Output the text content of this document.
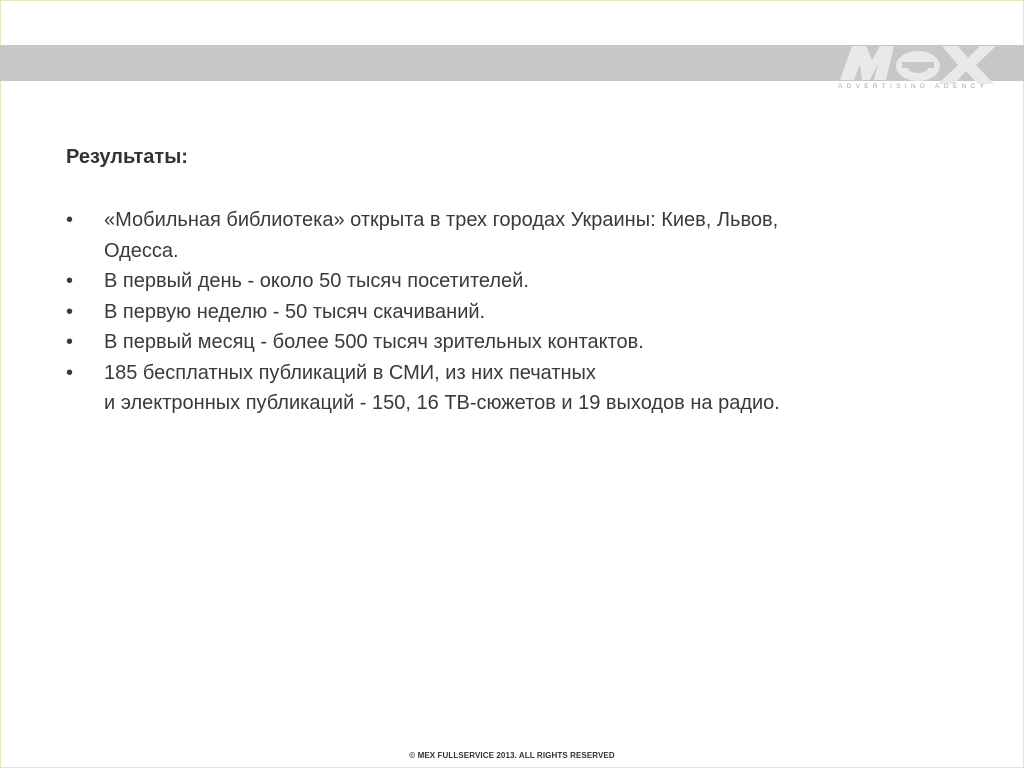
ADVERTISING AGENCY
Результаты:
• «Мобильная библиотека» открыта в трех городах Украины: Киев, Львов,
Одесса.
• В первый день - около 50 тысяч посетителей.
• В первую неделю - 50 тысяч скачиваний.
• В первый месяц - более 500 тысяч зрительных контактов.
• 185 бесплатных публикаций в СМИ, из них печатных
и электронных публикаций - 150, 16 ТВ-сюжетов и 19 выходов на радио.
© MEX FULLSERVICE 2013. ALL RIGHTS RESERVED
